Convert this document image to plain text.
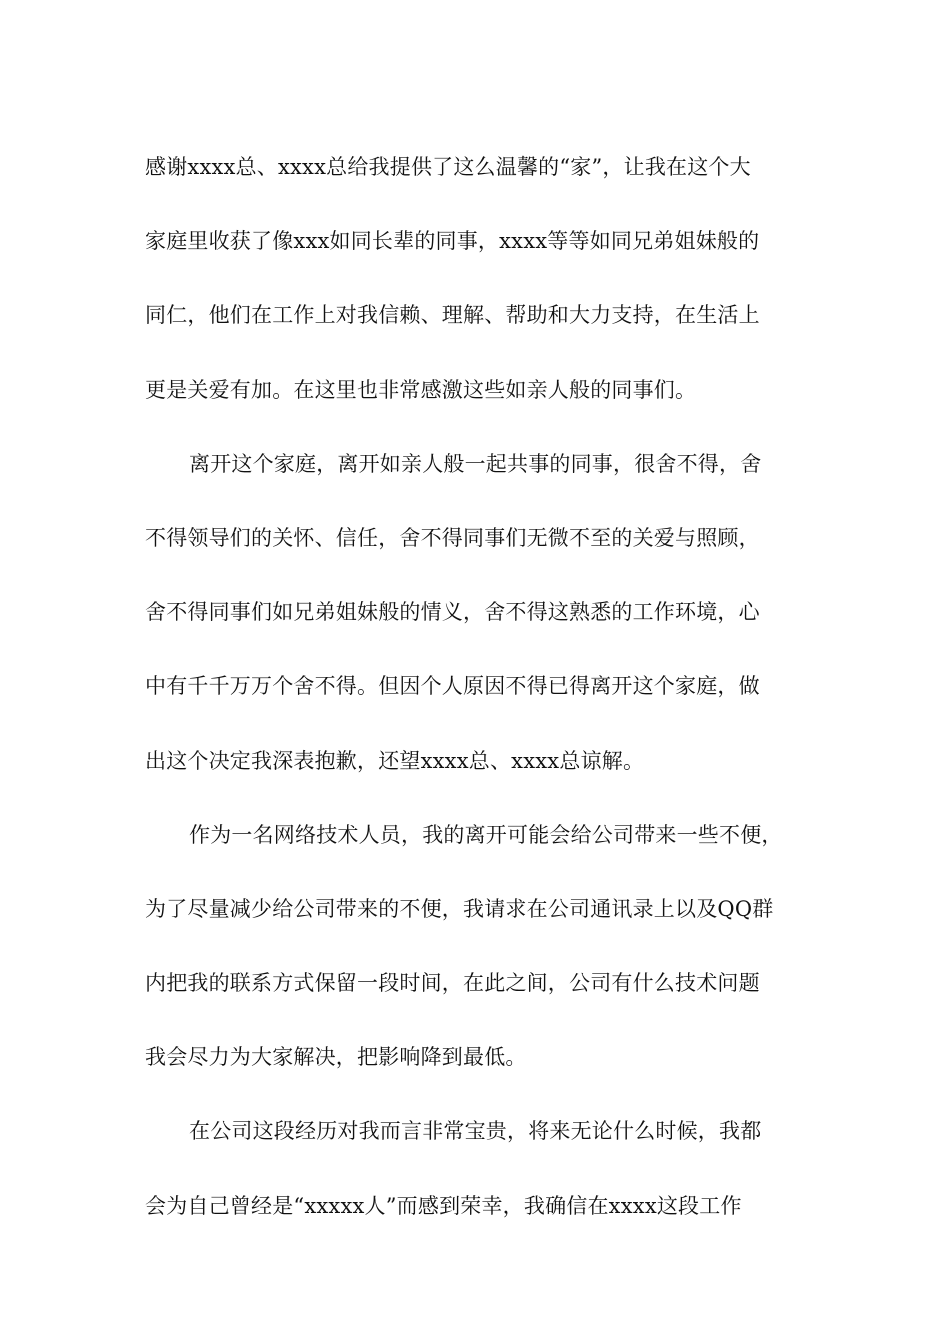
感谢xxxx总、xxxx总给我提供了这么温馨的“家”，让我在这个大
家庭里收获了像xxx如同长辈的同事，xxxx等等如同兄弟姐妹般的
同仁，他们在工作上对我信赖、理解、帮助和大力支持，在生活上
更是关爱有加。在这里也非常感激这些如亲人般的同事们。
离开这个家庭，离开如亲人般一起共事的同事，很舍不得，舍
不得领导们的关怀、信任，舍不得同事们无微不至的关爱与照顾，
舍不得同事们如兄弟姐妹般的情义，舍不得这熟悉的工作环境，心
中有千千万万个舍不得。但因个人原因不得已得离开这个家庭，做
出这个决定我深表抱歉，还望xxxx总、xxxx总谅解。
作为一名网络技术人员，我的离开可能会给公司带来一些不便，
为了尽量减少给公司带来的不便，我请求在公司通讯录上以及QQ群
内把我的联系方式保留一段时间，在此之间，公司有什么技术问题
我会尽力为大家解决，把影响降到最低。
在公司这段经历对我而言非常宝贵，将来无论什么时候，我都
会为自己曾经是“xxxxx人”而感到荣幸，我确信在xxxx这段工作
